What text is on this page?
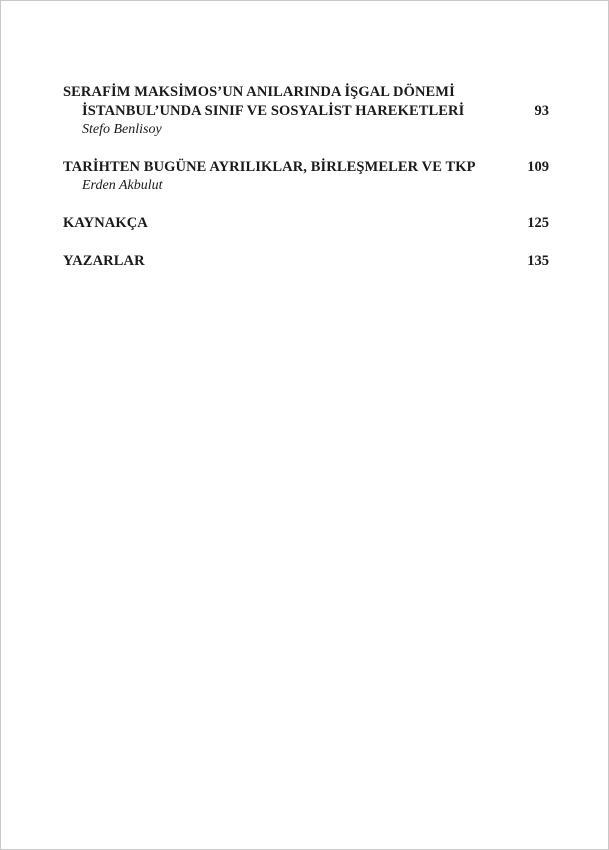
SERAFİM MAKSİMOS’UN ANILARINDA İŞGAL DÖNEMİ
İSTANBUL’UNDA SINIF VE SOSYALİST HAREKETLERİ	93
Stefo Benlisoy
TARİHTEN BUGÜNE AYRILIKLAR, BİRLEŞMELER VE TKP	109
Erden Akbulut
KAYNAKÇA	125
YAZARLAR	135
